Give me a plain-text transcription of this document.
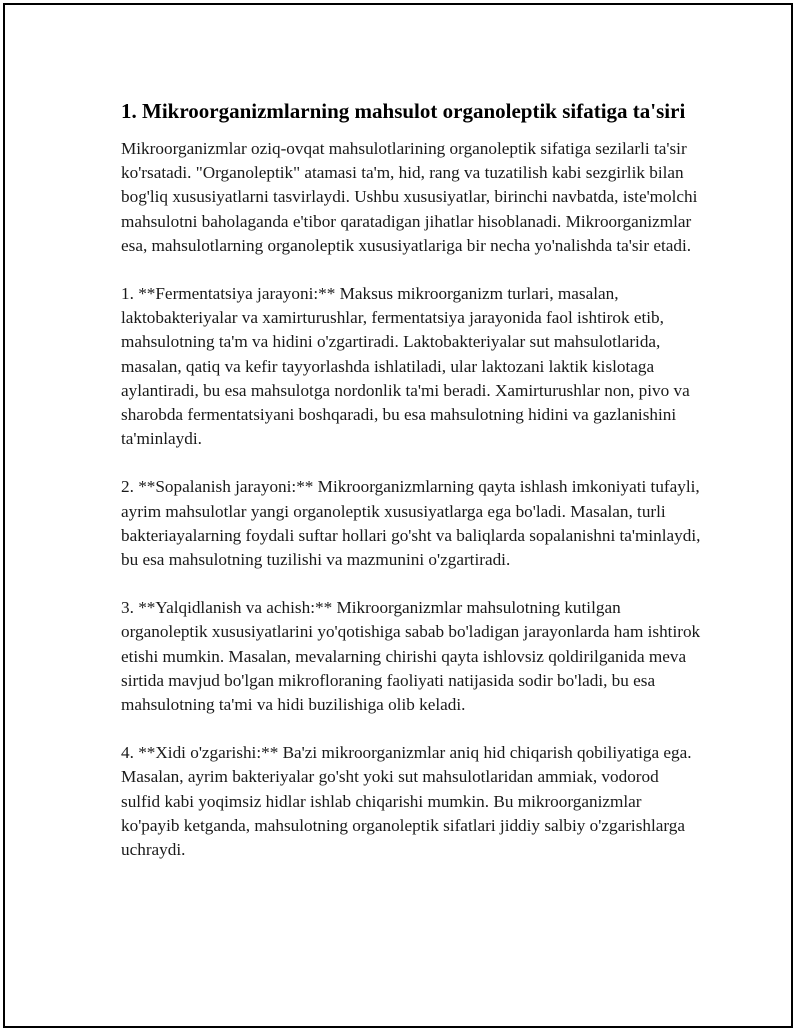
1. Mikroorganizmlarning mahsulot organoleptik sifatiga ta'siri

Mikroorganizmlar oziq-ovqat mahsulotlarining organoleptik sifatiga sezilarli ta'sir ko'rsatadi. "Organoleptik" atamasi ta'm, hid, rang va tuzatilish kabi sezgirlik bilan bog'liq xususiyatlarni tasvirlaydi. Ushbu xususiyatlar, birinchi navbatda, iste'molchi mahsulotni baholaganda e'tibor qaratadigan jihatlar hisoblanadi. Mikroorganizmlar esa, mahsulotlarning organoleptik xususiyatlariga bir necha yo'nalishda ta'sir etadi.

1. **Fermentatsiya jarayoni:** Maksus mikroorganizm turlari, masalan, laktobakteriyalar va xamirturushlar, fermentatsiya jarayonida faol ishtirok etib, mahsulotning ta'm va hidini o'zgartiradi. Laktobakteriyalar sut mahsulotlarida, masalan, qatiq va kefir tayyorlashda ishlatiladi, ular laktozani laktik kislotaga aylantiradi, bu esa mahsulotga nordonlik ta'mi beradi. Xamirturushlar non, pivo va sharobda fermentatsiyani boshqaradi, bu esa mahsulotning hidini va gazlanishini ta'minlaydi.

2. **Sopalanish jarayoni:** Mikroorganizmlarning qayta ishlash imkoniyati tufayli, ayrim mahsulotlar yangi organoleptik xususiyatlarga ega bo'ladi. Masalan, turli bakteriayalarning foydali suftar hollari go'sht va baliqlarda sopalanishni ta'minlaydi, bu esa mahsulotning tuzilishi va mazmunini o'zgartiradi.

3. **Yalqidlanish va achish:** Mikroorganizmlar mahsulotning kutilgan organoleptik xususiyatlarini yo'qotishiga sabab bo'ladigan jarayonlarda ham ishtirok etishi mumkin. Masalan, mevalarning chirishi qayta ishlovsiz qoldirilganida meva sirtida mavjud bo'lgan mikrofloraning faoliyati natijasida sodir bo'ladi, bu esa mahsulotning ta'mi va hidi buzilishiga olib keladi.

4. **Xidi o'zgarishi:** Ba'zi mikroorganizmlar aniq hid chiqarish qobiliyatiga ega. Masalan, ayrim bakteriyalar go'sht yoki sut mahsulotlaridan ammiak, vodorod sulfid kabi yoqimsiz hidlar ishlab chiqarishi mumkin. Bu mikroorganizmlar ko'payib ketganda, mahsulotning organoleptik sifatlari jiddiy salbiy o'zgarishlarga uchraydi.
